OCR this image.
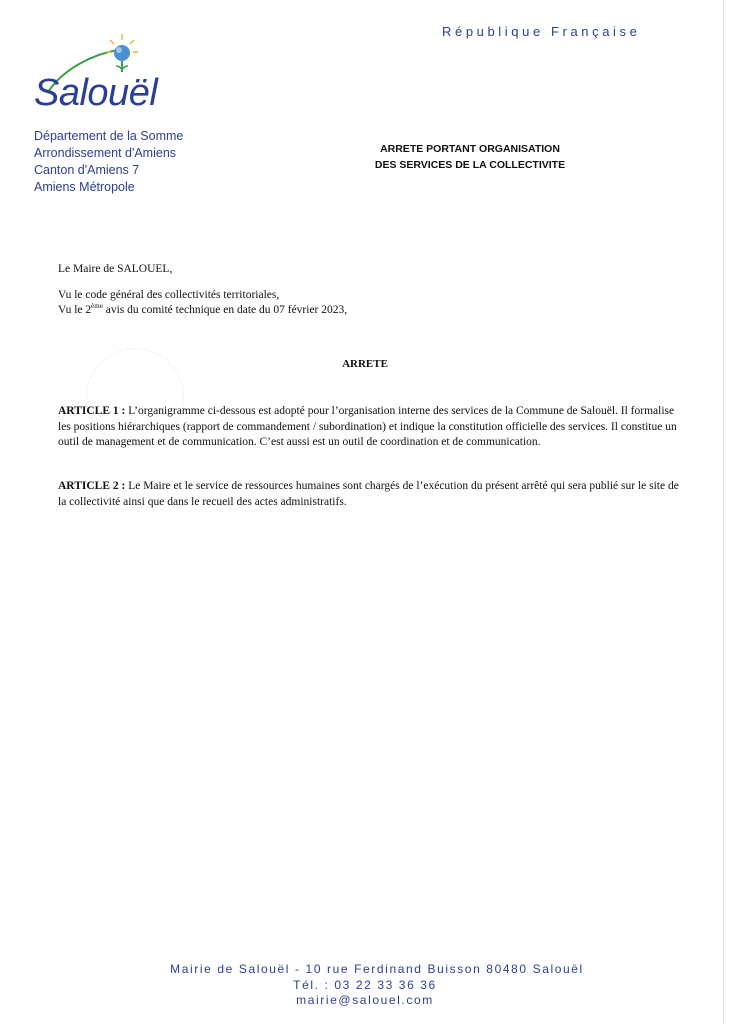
République Française
Salouël
Département de la Somme
Arrondissement d'Amiens
Canton d'Amiens 7
Amiens Métropole
ARRETE PORTANT ORGANISATION
DES SERVICES DE LA COLLECTIVITE
Le Maire de SALOUEL,
Vu le code général des collectivités territoriales,
Vu le 2ème avis du comité technique en date du 07 février 2023,
ARRETE
ARTICLE 1 : L’organigramme ci-dessous est adopté pour l’organisation interne des services de la Commune de Salouël. Il formalise les positions hiérarchiques (rapport de commandement / subordination) et indique la constitution officielle des services. Il constitue un outil de management et de communication. C’est aussi est un outil de coordination et de communication.
ARTICLE 2 : Le Maire et le service de ressources humaines sont chargés de l’exécution du présent arrêté qui sera publié sur le site de la collectivité ainsi que dans le recueil des actes administratifs.
Mairie de Salouël - 10 rue Ferdinand Buisson 80480 Salouël
Tél. : 03 22 33 36 36
mairie@salouel.com
